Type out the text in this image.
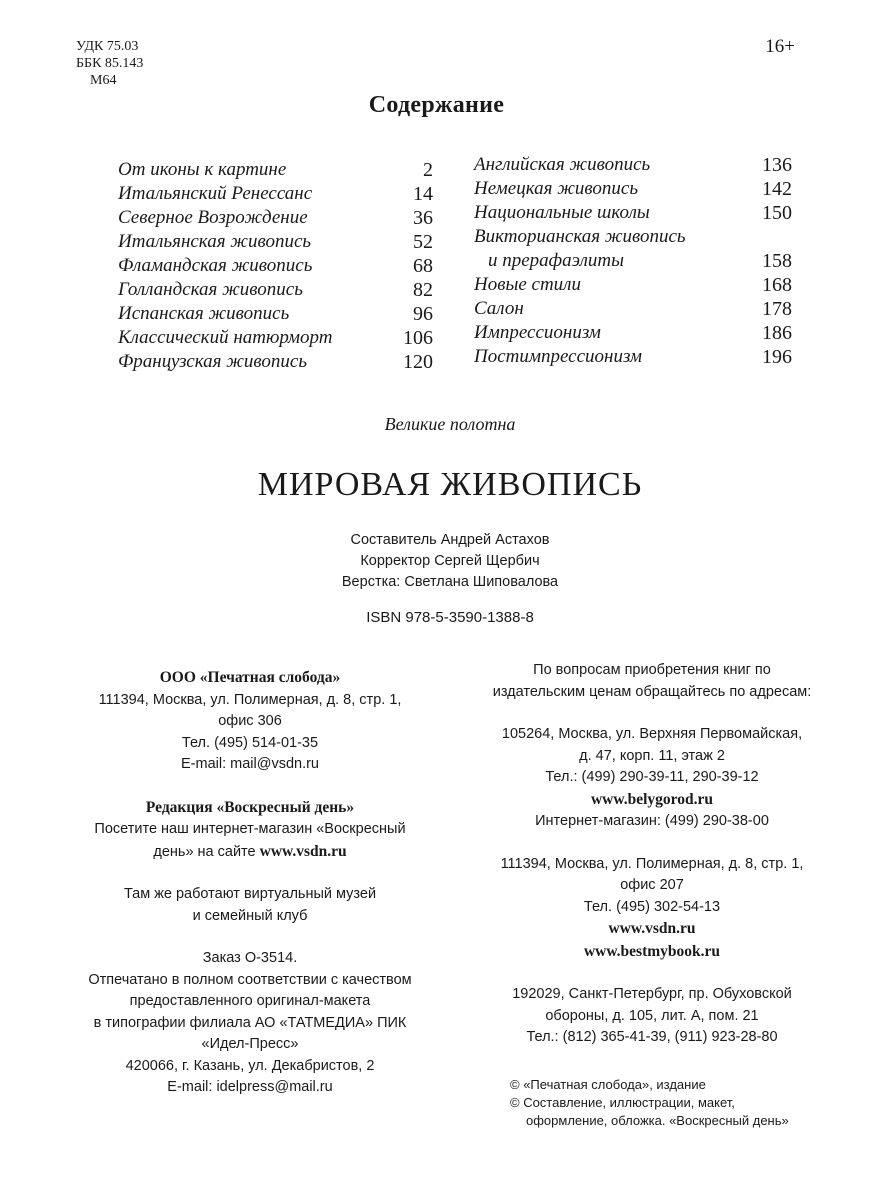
УДК 75.03
ББК 85.143
М64
16+
Содержание
От иконы к картине	2
Итальянский Ренессанс	14
Северное Возрождение	36
Итальянская живопись	52
Фламандская живопись	68
Голландская живопись	82
Испанская живопись	96
Классический натюрморт	106
Французская живопись	120
Английская живопись	136
Немецкая живопись	142
Национальные школы	150
Викторианская живопись
и прерафаэлиты	158
Новые стили	168
Салон	178
Импрессионизм	186
Постимпрессионизм	196
Великие полотна
МИРОВАЯ ЖИВОПИСЬ
Составитель Андрей Астахов
Корректор Сергей Щербич
Верстка: Светлана Шиповалова
ISBN 978-5-3590-1388-8
ООО «Печатная слобода»
111394, Москва, ул. Полимерная, д. 8, стр. 1,
офис 306
Тел. (495) 514-01-35
E-mail: mail@vsdn.ru
Редакция «Воскресный день»
Посетите наш интернет-магазин «Воскресный
день» на сайте www.vsdn.ru
Там же работают виртуальный музей
и семейный клуб
Заказ О-3514.
Отпечатано в полном соответствии с качеством
предоставленного оригинал-макета
в типографии филиала АО «ТАТМЕДИА» ПИК
«Идел-Пресс»
420066, г. Казань, ул. Декабристов, 2
E-mail: idelpress@mail.ru
По вопросам приобретения книг по
издательским ценам обращайтесь по адресам:
105264, Москва, ул. Верхняя Первомайская,
д. 47, корп. 11, этаж 2
Тел.: (499) 290-39-11, 290-39-12
www.belygorod.ru
Интернет-магазин: (499) 290-38-00
111394, Москва, ул. Полимерная, д. 8, стр. 1,
офис 207
Тел. (495) 302-54-13
www.vsdn.ru
www.bestmybook.ru
192029, Санкт-Петербург, пр. Обуховской
обороны, д. 105, лит. А, пом. 21
Тел.: (812) 365-41-39, (911) 923-28-80
© «Печатная слобода», издание
© Составление, иллюстрации, макет,
оформление, обложка. «Воскресный день»
